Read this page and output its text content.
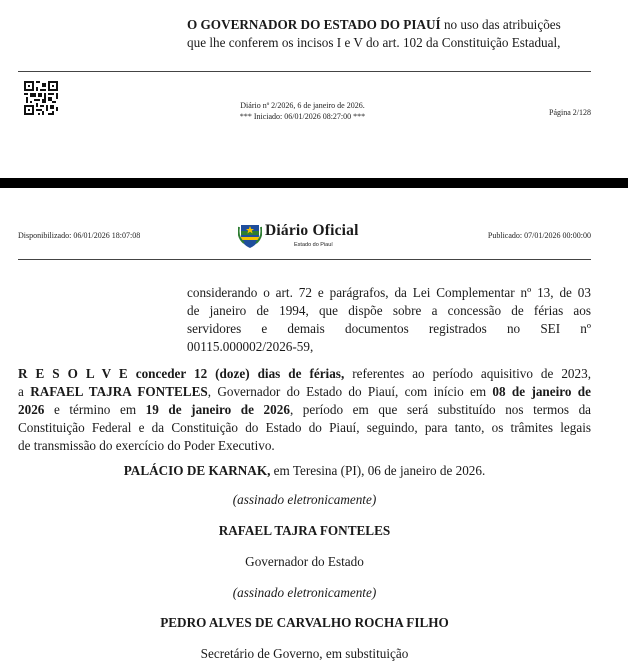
O GOVERNADOR DO ESTADO DO PIAUÍ no uso das atribuições
que lhe conferem os incisos I e V do art. 102 da Constituição Estadual,
Diário nº 2/2026, 6 de janeiro de 2026.
*** Iniciado: 06/01/2026 08:27:00 ***	Página 2/128
Disponibilizado: 06/01/2026 18:07:08	Diário Oficial
Estado do Piauí
Publicado: 07/01/2026 00:00:00
considerando o art. 72 e parágrafos, da Lei Complementar nº 13, de 03
de janeiro de 1994, que dispõe sobre a concessão de férias aos
servidores e demais documentos registrados no SEI nº
00115.000002/2026-59,
R E S O L V E conceder 12 (doze) dias de férias, referentes ao período aquisitivo de 2023,
a RAFAEL TAJRA FONTELES, Governador do Estado do Piauí, com início em 08 de janeiro de
2026 e término em 19 de janeiro de 2026, período em que será substituído nos termos da
Constituição Federal e da Constituição do Estado do Piauí, seguindo, para tanto, os trâmites legais
de transmissão do exercício do Poder Executivo.
PALÁCIO DE KARNAK, em Teresina (PI), 06 de janeiro de 2026.
(assinado eletronicamente)
RAFAEL TAJRA FONTELES
Governador do Estado
(assinado eletronicamente)
PEDRO ALVES DE CARVALHO ROCHA FILHO
Secretário de Governo, em substituição
